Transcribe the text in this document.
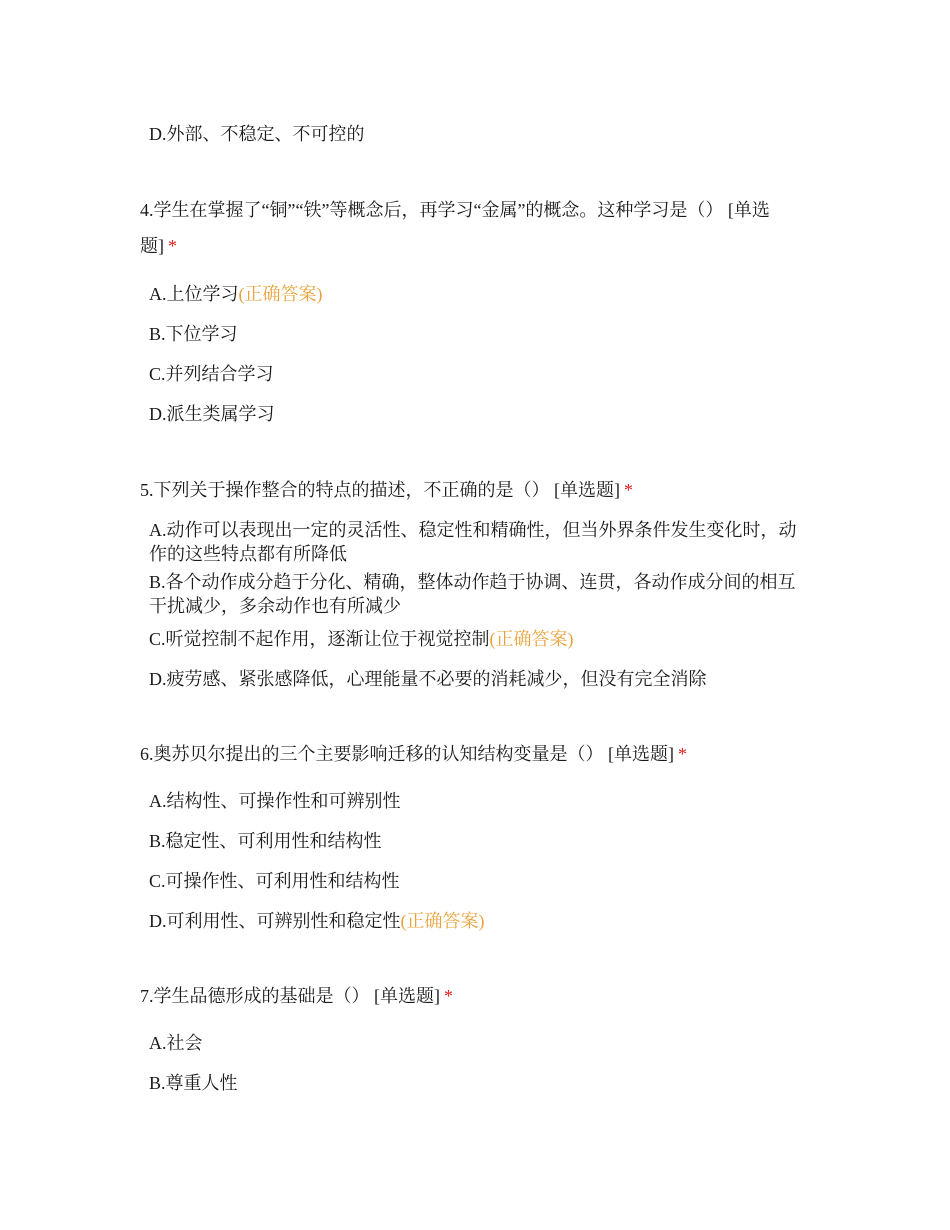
D.外部、不稳定、不可控的
4.学生在掌握了“铜”“铁”等概念后，再学习“金属”的概念。这种学习是（） [单选题] *
A.上位学习(正确答案)
B.下位学习
C.并列结合学习
D.派生类属学习
5.下列关于操作整合的特点的描述，不正确的是（） [单选题] *
A.动作可以表现出一定的灵活性、稳定性和精确性，但当外界条件发生变化时，动作的这些特点都有所降低
B.各个动作成分趋于分化、精确，整体动作趋于协调、连贯，各动作成分间的相互干扰减少，多余动作也有所减少
C.听觉控制不起作用，逐渐让位于视觉控制(正确答案)
D.疲劳感、紧张感降低，心理能量不必要的消耗减少，但没有完全消除
6.奥苏贝尔提出的三个主要影响迁移的认知结构变量是（） [单选题] *
A.结构性、可操作性和可辨别性
B.稳定性、可利用性和结构性
C.可操作性、可利用性和结构性
D.可利用性、可辨别性和稳定性(正确答案)
7.学生品德形成的基础是（） [单选题] *
A.社会
B.尊重人性
